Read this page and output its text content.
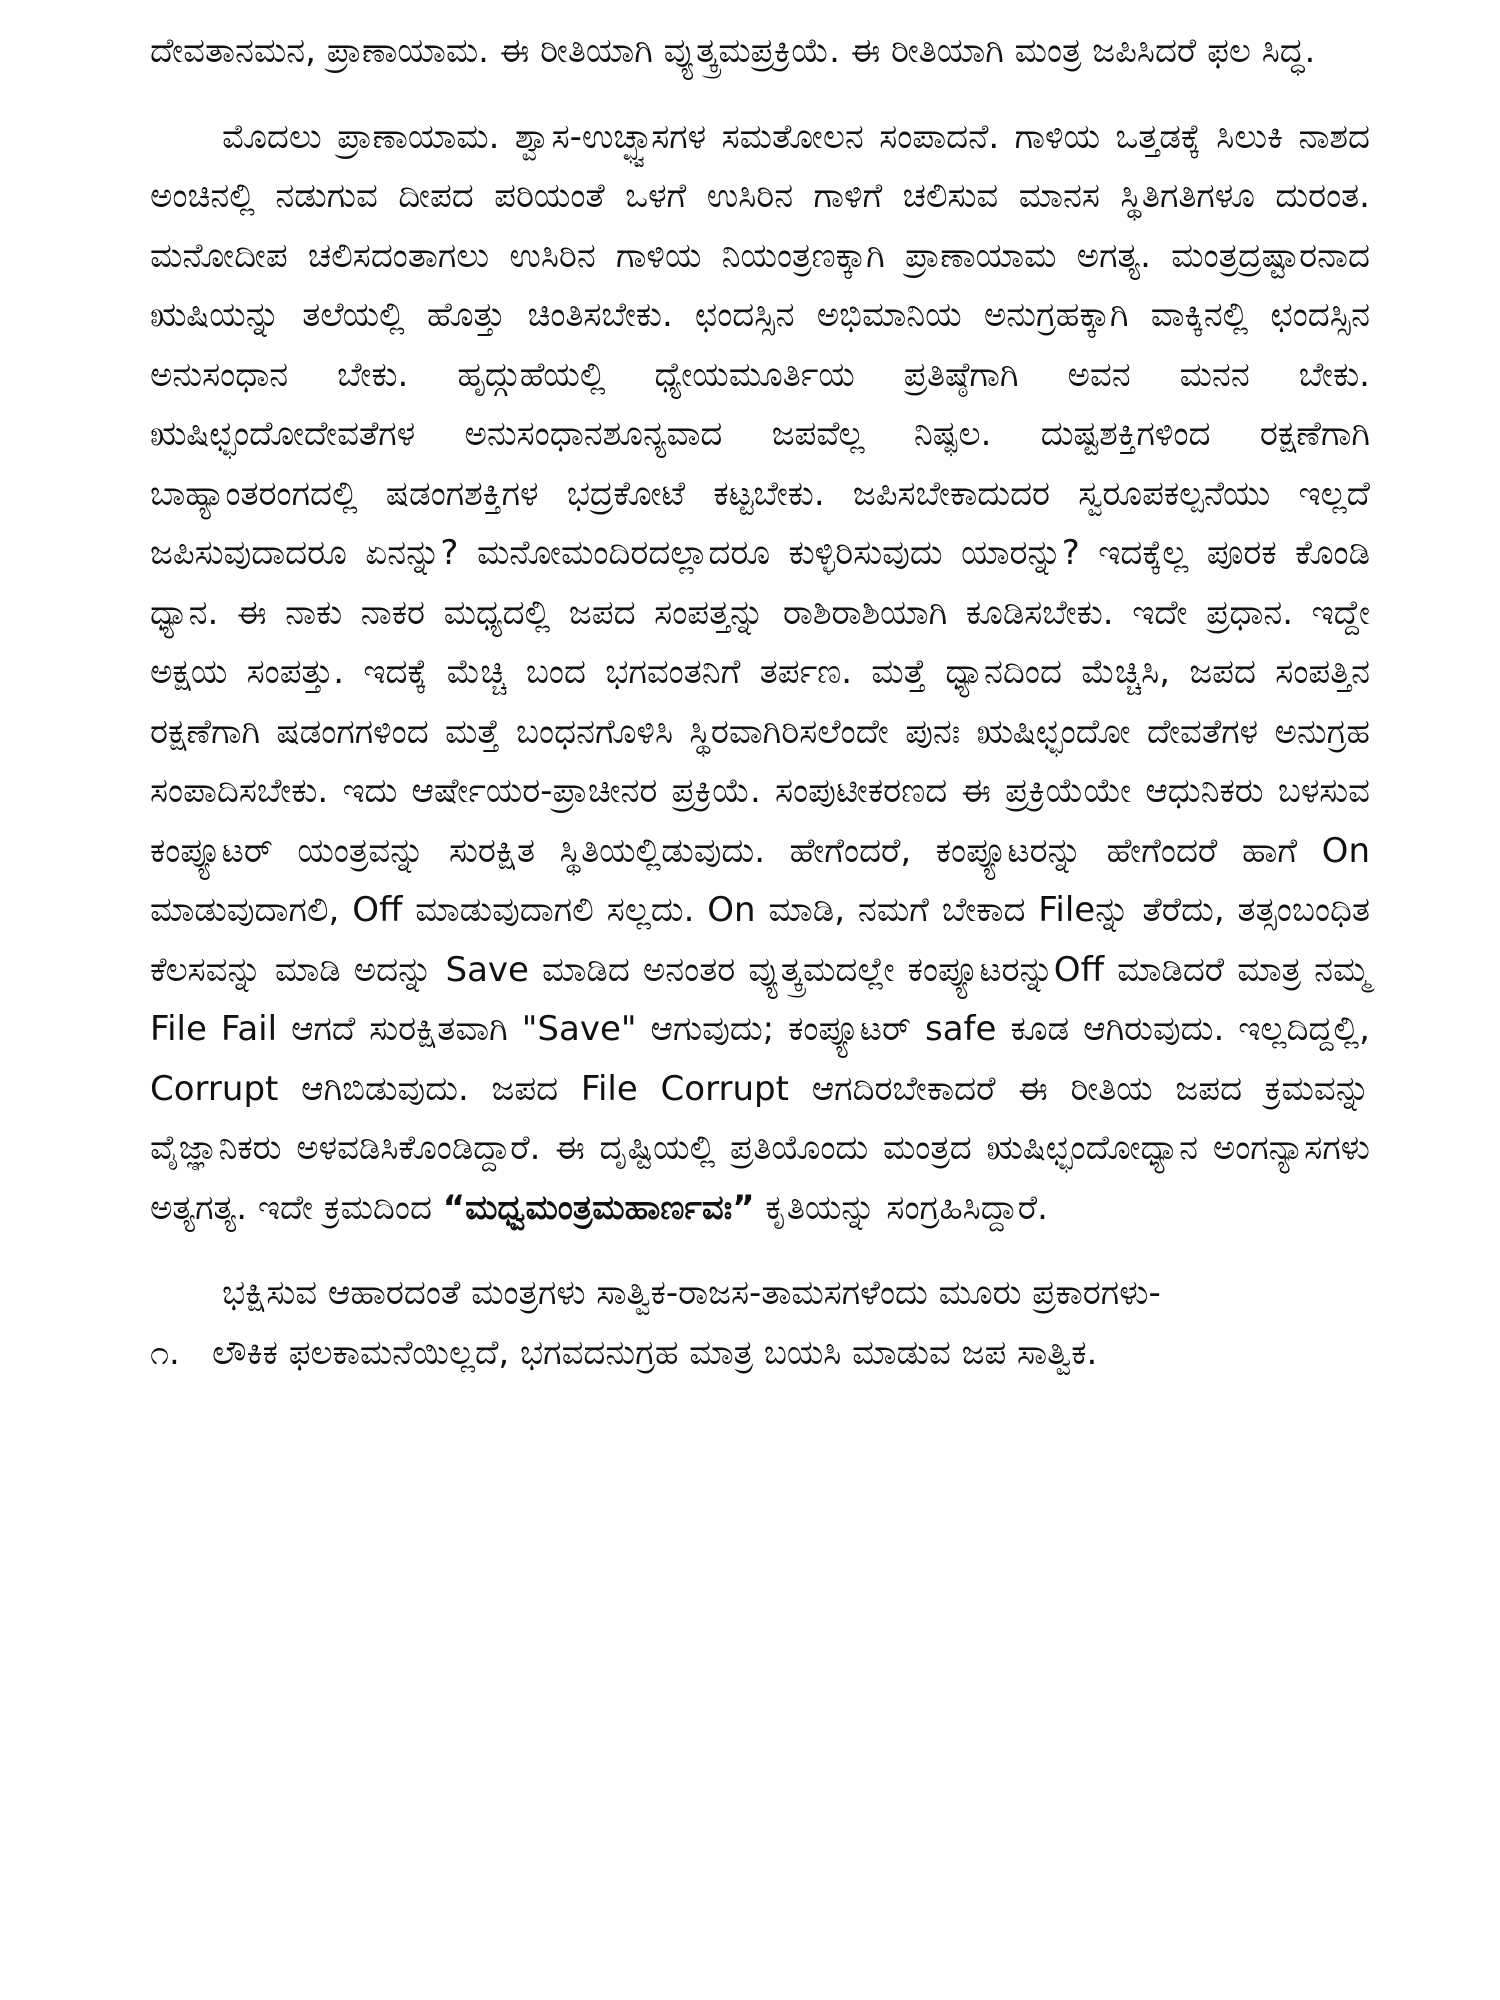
ದೇವತಾನಮನ, ಪ್ರಾಣಾಯಾಮ. ಈ ರೀತಿಯಾಗಿ ವ್ಯುತ್ಕ್ರಮಪ್ರಕ್ರಿಯೆ. ಈ ರೀತಿಯಾಗಿ ಮಂತ್ರ ಜಪಿಸಿದರೆ ಫಲ ಸಿದ್ಧ.

ಮೊದಲು ಪ್ರಾಣಾಯಾಮ. ಶ್ವಾಸ-ಉಚ್ಛ್ವಾಸಗಳ ಸಮತೋಲನ ಸಂಪಾದನೆ. ಗಾಳಿಯ ಒತ್ತಡಕ್ಕೆ ಸಿಲುಕಿ ನಾಶದ ಅಂಚಿನಲ್ಲಿ ನಡುಗುವ ದೀಪದ ಪರಿಯಂತೆ ಒಳಗೆ ಉಸಿರಿನ ಗಾಳಿಗೆ ಚಲಿಸುವ ಮಾನಸ ಸ್ಥಿತಿಗತಿಗಳೂ ದುರಂತ. ಮನೋದೀಪ ಚಲಿಸದಂತಾಗಲು ಉಸಿರಿನ ಗಾಳಿಯ ನಿಯಂತ್ರಣಕ್ಕಾಗಿ ಪ್ರಾಣಾಯಾಮ ಅಗತ್ಯ. ಮಂತ್ರದ್ರಷ್ಟಾರನಾದ ಋಷಿಯನ್ನು ತಲೆಯಲ್ಲಿ ಹೊತ್ತು ಚಿಂತಿಸಬೇಕು. ಛಂದಸ್ಸಿನ ಅಭಿಮಾನಿಯ ಅನುಗ್ರಹಕ್ಕಾಗಿ ವಾಕ್ಕಿನಲ್ಲಿ ಛಂದಸ್ಸಿನ ಅನುಸಂಧಾನ ಬೇಕು. ಹೃದ್ಗುಹೆಯಲ್ಲಿ ಧ್ಯೇಯಮೂರ್ತಿಯ ಪ್ರತಿಷ್ಠೆಗಾಗಿ ಅವನ ಮನನ ಬೇಕು. ಋಷಿಛ್ಛಂದೋದೇವತೆಗಳ ಅನುಸಂಧಾನಶೂನ್ಯವಾದ ಜಪವೆಲ್ಲ ನಿಷ್ಫಲ. ದುಷ್ಟಶಕ್ತಿಗಳಿಂದ ರಕ್ಷಣೆಗಾಗಿ ಬಾಹ್ಯಾಂತರಂಗದಲ್ಲಿ ಷಡಂಗಶಕ್ತಿಗಳ ಭದ್ರಕೋಟೆ ಕಟ್ಟಬೇಕು. ಜಪಿಸಬೇಕಾದುದರ ಸ್ವರೂಪಕಲ್ಪನೆಯು ಇಲ್ಲದೆ ಜಪಿಸುವುದಾದರೂ ಏನನ್ನು? ಮನೋಮಂದಿರದಲ್ಲಾದರೂ ಕುಳ್ಳಿರಿಸುವುದು ಯಾರನ್ನು? ಇದಕ್ಕೆಲ್ಲ ಪೂರಕ ಕೊಂಡಿ ಧ್ಯಾನ. ಈ ನಾಕು ನಾಕರ ಮಧ್ಯದಲ್ಲಿ ಜಪದ ಸಂಪತ್ತನ್ನು ರಾಶಿರಾಶಿಯಾಗಿ ಕೂಡಿಸಬೇಕು. ಇದೇ ಪ್ರಧಾನ. ಇದ್ದೇ ಅಕ್ಷಯ ಸಂಪತ್ತು. ಇದಕ್ಕೆ ಮೆಚ್ಚಿ ಬಂದ ಭಗವಂತನಿಗೆ ತರ್ಪಣ. ಮತ್ತೆ ಧ್ಯಾನದಿಂದ ಮೆಚ್ಚಿಸಿ, ಜಪದ ಸಂಪತ್ತಿನ ರಕ್ಷಣೆಗಾಗಿ ಷಡಂಗಗಳಿಂದ ಮತ್ತೆ ಬಂಧನಗೊಳಿಸಿ ಸ್ಥಿರವಾಗಿರಿಸಲೆಂದೇ ಪುನಃ ಋಷಿಛ್ಛಂದೋ ದೇವತೆಗಳ ಅನುಗ್ರಹ ಸಂಪಾದಿಸಬೇಕು. ಇದು ಆರ್ಷೇಯರ-ಪ್ರಾಚೀನರ ಪ್ರಕ್ರಿಯೆ. ಸಂಪುಟೀಕರಣದ ಈ ಪ್ರಕ್ರಿಯೆಯೇ ಆಧುನಿಕರು ಬಳಸುವ ಕಂಪ್ಯೂಟರ್ ಯಂತ್ರವನ್ನು ಸುರಕ್ಷಿತ ಸ್ಥಿತಿಯಲ್ಲಿಡುವುದು. ಹೇಗೆಂದರೆ, ಕಂಪ್ಯೂಟರನ್ನು ಹೇಗೆಂದರೆ ಹಾಗೆ On ಮಾಡುವುದಾಗಲಿ, Off ಮಾಡುವುದಾಗಲಿ ಸಲ್ಲದು. On ಮಾಡಿ, ನಮಗೆ ಬೇಕಾದ Fileನ್ನು ತೆರೆದು, ತತ್ಸಂಬಂಧಿತ ಕೆಲಸವನ್ನು ಮಾಡಿ ಅದನ್ನು Save ಮಾಡಿದ ಅನಂತರ ವ್ಯುತ್ಕ್ರಮದಲ್ಲೇ ಕಂಪ್ಯೂಟರನ್ನುOff ಮಾಡಿದರೆ ಮಾತ್ರ ನಮ್ಮ File Fail ಆಗದೆ ಸುರಕ್ಷಿತವಾಗಿ "Save" ಆಗುವುದು; ಕಂಪ್ಯೂಟರ್ safe ಕೂಡ ಆಗಿರುವುದು. ಇಲ್ಲದಿದ್ದಲ್ಲಿ, Corrupt ಆಗಿಬಿಡುವುದು. ಜಪದ File Corrupt ಆಗದಿರಬೇಕಾದರೆ ಈ ರೀತಿಯ ಜಪದ ಕ್ರಮವನ್ನು ವೈಜ್ಞಾನಿಕರು ಅಳವಡಿಸಿಕೊಂಡಿದ್ದಾರೆ. ಈ ದೃಷ್ಟಿಯಲ್ಲಿ ಪ್ರತಿಯೊಂದು ಮಂತ್ರದ ಋಷಿಛ್ಛಂದೋಧ್ಯಾನ ಅಂಗನ್ಯಾಸಗಳು ಅತ್ಯಗತ್ಯ. ಇದೇ ಕ್ರಮದಿಂದ “ಮಧ್ವಮಂತ್ರಮಹಾರ್ಣವಃ” ಕೃತಿಯನ್ನು ಸಂಗ್ರಹಿಸಿದ್ದಾರೆ.

ಭಕ್ಷಿಸುವ ಆಹಾರದಂತೆ ಮಂತ್ರಗಳು ಸಾತ್ವಿಕ-ರಾಜಸ-ತಾಮಸಗಳೆಂದು ಮೂರು ಪ್ರಕಾರಗಳು-

೧. ಲೌಕಿಕ ಫಲಕಾಮನೆಯಿಲ್ಲದೆ, ಭಗವದನುಗ್ರಹ ಮಾತ್ರ ಬಯಸಿ ಮಾಡುವ ಜಪ ಸಾತ್ವಿಕ.
